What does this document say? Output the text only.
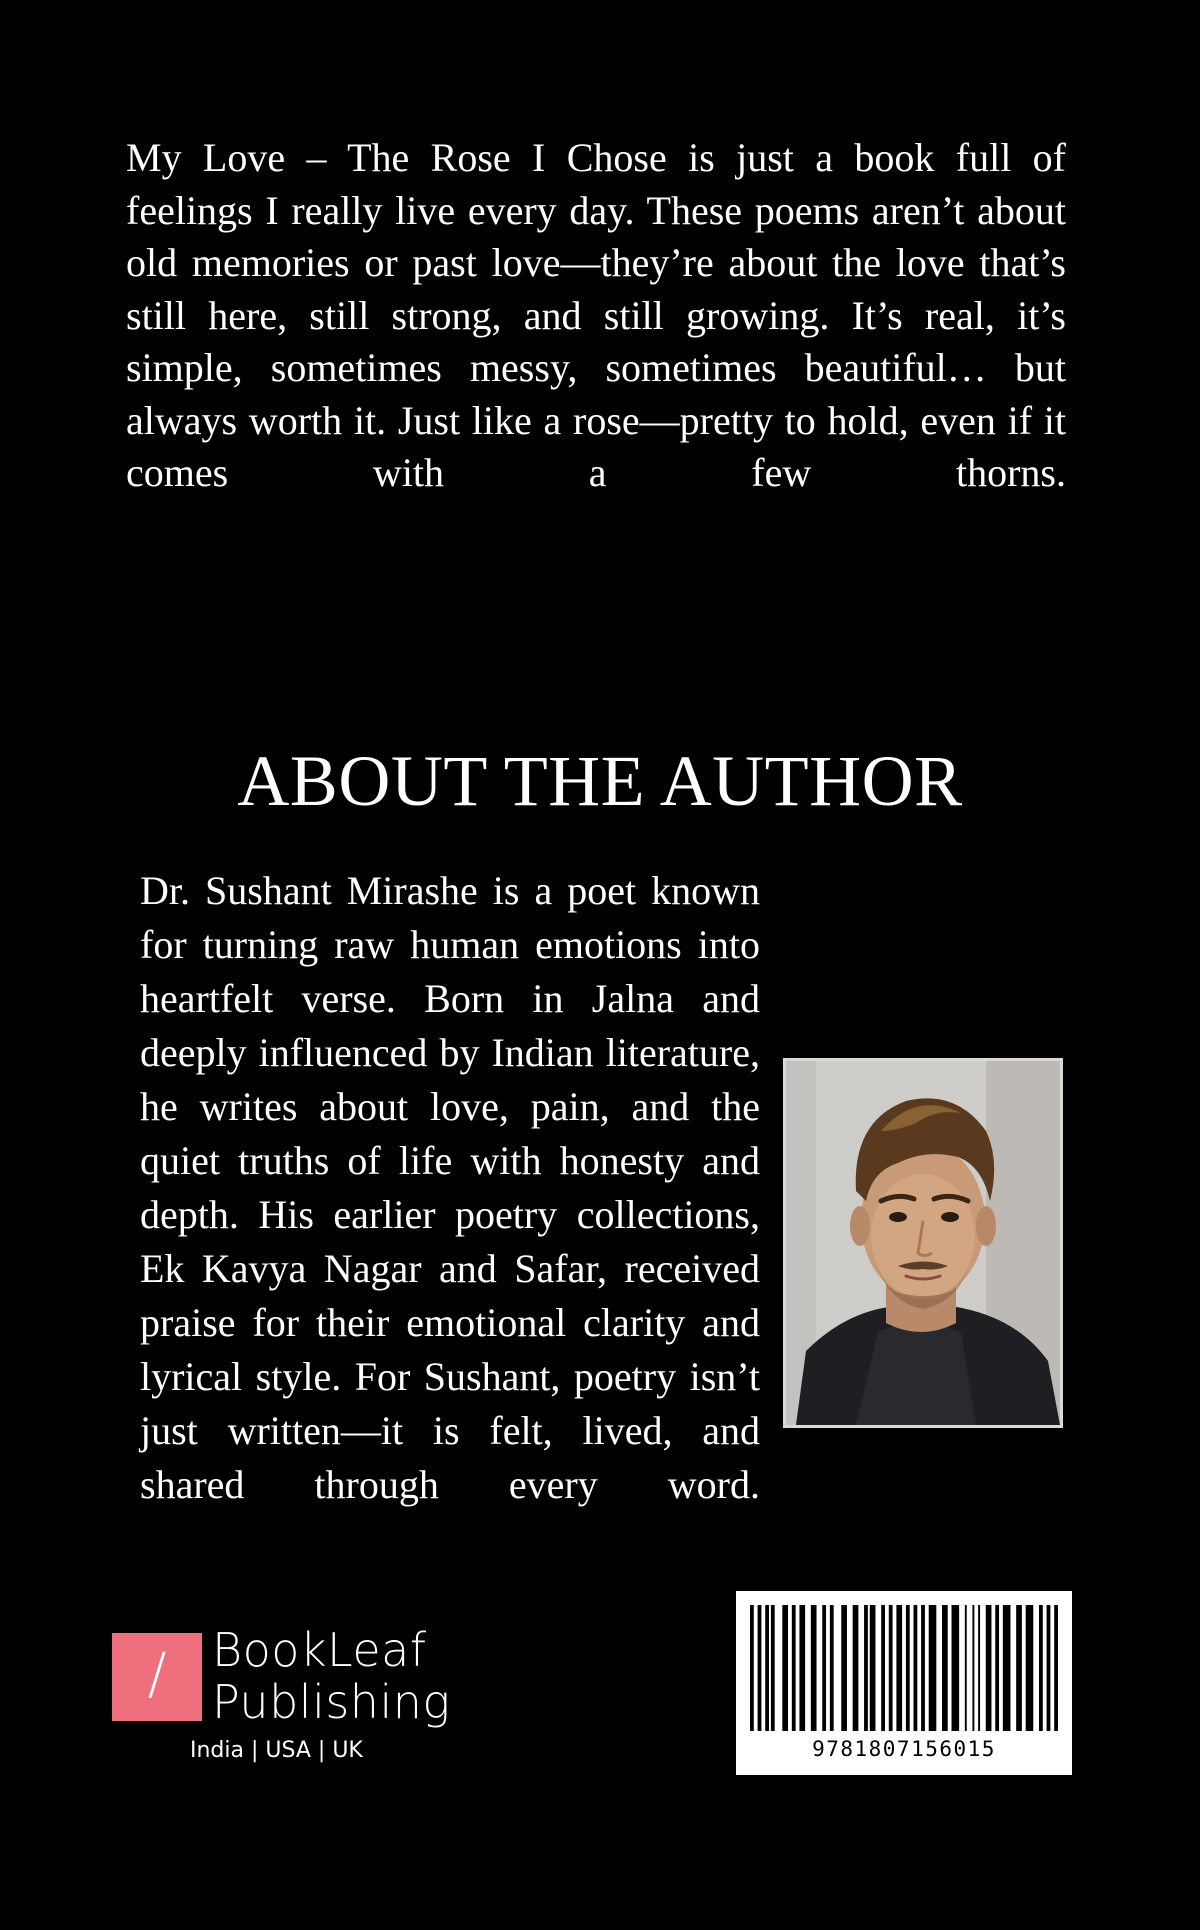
My Love – The Rose I Chose is just a book full of feelings I really live every day. These poems aren’t about old memories or past love—they’re about the love that’s still here, still strong, and still growing. It’s real, it’s simple, sometimes messy, sometimes beautiful… but always worth it. Just like a rose—pretty to hold, even if it comes with a few thorns.

ABOUT THE AUTHOR

Dr. Sushant Mirashe is a poet known for turning raw human emotions into heartfelt verse. Born in Jalna and deeply influenced by Indian literature, he writes about love, pain, and the quiet truths of life with honesty and depth. His earlier poetry collections, Ek Kavya Nagar and Safar, received praise for their emotional clarity and lyrical style. For Sushant, poetry isn’t just written—it is felt, lived, and shared through every word.

/ BookLeaf
Publishing
India | USA | UK	9781807156015
